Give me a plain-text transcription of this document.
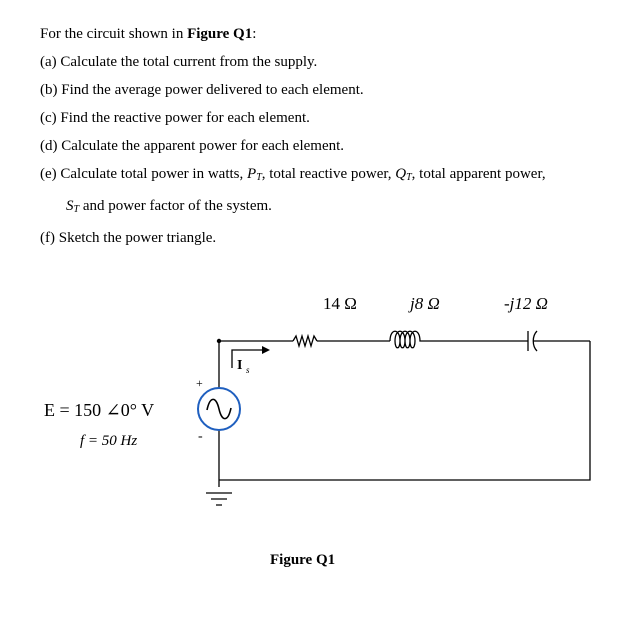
For the circuit shown in Figure Q1:
(a) Calculate the total current from the supply.
(b) Find the average power delivered to each element.
(c) Find the reactive power for each element.
(d) Calculate the apparent power for each element.
(e) Calculate total power in watts, $P_T$, total reactive power, $Q_T$, total apparent power,
$S_T$ and power factor of the system.
(f) Sketch the power triangle.
14 Ω	j8 Ω	-j12 Ω
+
-
E = 150 ∠0° V
f = 50 Hz
I s
Figure Q1
